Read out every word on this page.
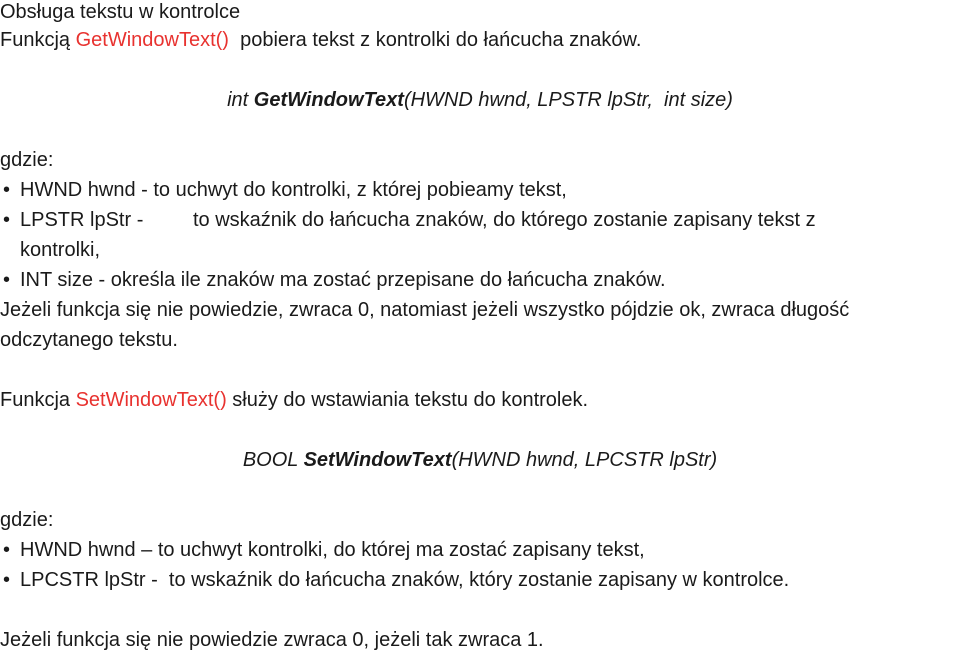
Obsługa tekstu w kontrolce
Funkcją GetWindowText()  pobiera tekst z kontrolki do łańcucha znaków.
int GetWindowText(HWND hwnd, LPSTR lpStr,  int size)
gdzie:
• HWND hwnd - to uchwyt do kontrolki, z której pobieamy tekst,
• LPSTR lpStr - to wskaźnik do łańcucha znaków, do którego zostanie zapisany tekst z
kontrolki,
• INT size - określa ile znaków ma zostać przepisane do łańcucha znaków.
Jeżeli funkcja się nie powiedzie, zwraca 0, natomiast jeżeli wszystko pójdzie ok, zwraca długość
odczytanego tekstu.
Funkcja SetWindowText() służy do wstawiania tekstu do kontrolek.
BOOL SetWindowText(HWND hwnd, LPCSTR lpStr)
gdzie:
• HWND hwnd – to uchwyt kontrolki, do której ma zostać zapisany tekst,
• LPCSTR lpStr -  to wskaźnik do łańcucha znaków, który zostanie zapisany w kontrolce.
Jeżeli funkcja się nie powiedzie zwraca 0, jeżeli tak zwraca 1.
